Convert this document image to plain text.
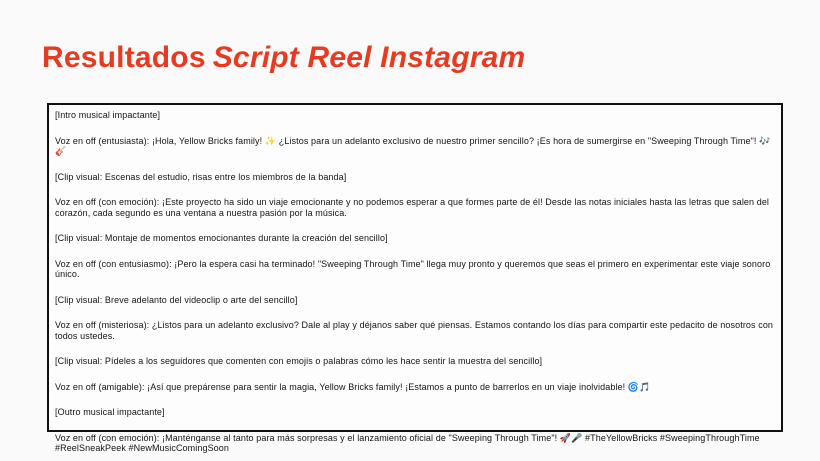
Resultados Script Reel Instagram

[Intro musical impactante]

Voz en off (entusiasta): ¡Hola, Yellow Bricks family! ✨ ¿Listos para un adelanto exclusivo de nuestro primer sencillo? ¡Es hora de sumergirse en "Sweeping Through Time"! 🎶🎸

[Clip visual: Escenas del estudio, risas entre los miembros de la banda]

Voz en off (con emoción): ¡Este proyecto ha sido un viaje emocionante y no podemos esperar a que formes parte de él! Desde las notas iniciales hasta las letras que salen del corazón, cada segundo es una ventana a nuestra pasión por la música.

[Clip visual: Montaje de momentos emocionantes durante la creación del sencillo]

Voz en off (con entusiasmo): ¡Pero la espera casi ha terminado! "Sweeping Through Time" llega muy pronto y queremos que seas el primero en experimentar este viaje sonoro único.

[Clip visual: Breve adelanto del videoclip o arte del sencillo]

Voz en off (misteriosa): ¿Listos para un adelanto exclusivo? Dale al play y déjanos saber qué piensas. Estamos contando los días para compartir este pedacito de nosotros con todos ustedes.

[Clip visual: Pídeles a los seguidores que comenten con emojis o palabras cómo les hace sentir la muestra del sencillo]

Voz en off (amigable): ¡Así que prepárense para sentir la magia, Yellow Bricks family! ¡Estamos a punto de barrerlos en un viaje inolvidable! 🌀🎵

[Outro musical impactante]

Voz en off (con emoción): ¡Manténganse al tanto para más sorpresas y el lanzamiento oficial de "Sweeping Through Time"! 🚀🎤 #TheYellowBricks #SweepingThroughTime #ReelSneakPeek #NewMusicComingSoon
